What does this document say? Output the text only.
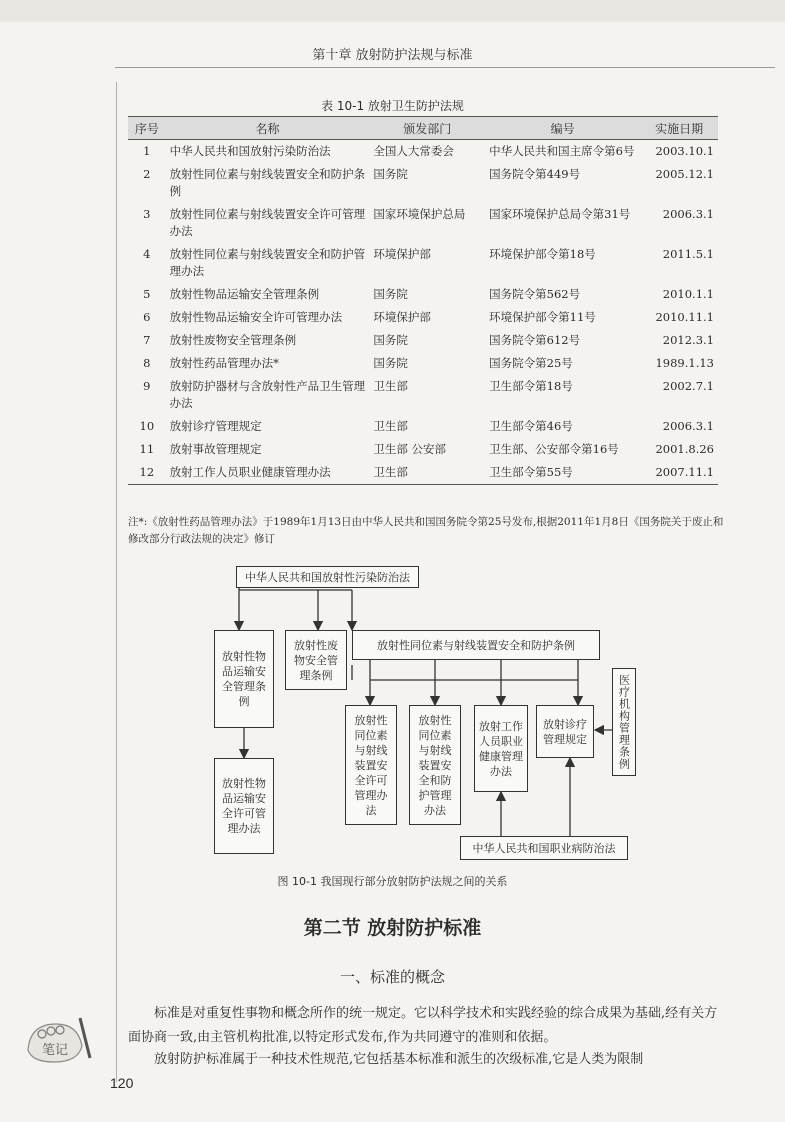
第十章 放射防护法规与标准
表 10-1 放射卫生防护法规
序号	名称	颁发部门	编号	实施日期
1	中华人民共和国放射污染防治法	全国人大常委会	中华人民共和国主席令第6号	2003.10.1
2	放射性同位素与射线装置安全和防护条例	国务院	国务院令第449号	2005.12.1
3	放射性同位素与射线装置安全许可管理办法	国家环境保护总局	国家环境保护总局令第31号	2006.3.1
4	放射性同位素与射线装置安全和防护管理办法	环境保护部	环境保护部令第18号	2011.5.1
5	放射性物品运输安全管理条例	国务院	国务院令第562号	2010.1.1
6	放射性物品运输安全许可管理办法	环境保护部	环境保护部令第11号	2010.11.1
7	放射性废物安全管理条例	国务院	国务院令第612号	2012.3.1
8	放射性药品管理办法*	国务院	国务院令第25号	1989.1.13
9	放射防护器材与含放射性产品卫生管理办法	卫生部	卫生部令第18号	2002.7.1
10	放射诊疗管理规定	卫生部	卫生部令第46号	2006.3.1
11	放射事故管理规定	卫生部 公安部	卫生部、公安部令第16号	2001.8.26
12	放射工作人员职业健康管理办法	卫生部	卫生部令第55号	2007.11.1
注*:《放射性药品管理办法》于1989年1月13日由中华人民共和国国务院令第25号发布,根据2011年1月8日《国务院关于废止和修改部分行政法规的决定》修订
中华人民共和国放射性污染防治法
放射性物品运输安全管理条例
放射性废物安全管理条例
放射性同位素与射线装置安全和防护条例
放射性物品运输安全许可管理办法
放射性同位素与射线装置安全许可管理办法
放射性同位素与射线装置安全和防护管理办法
放射工作人员职业健康管理办法
放射诊疗管理规定	医疗机构管理条例
中华人民共和国职业病防治法
图 10-1 我国现行部分放射防护法规之间的关系
第二节 放射防护标准
一、标准的概念
标准是对重复性事物和概念所作的统一规定。它以科学技术和实践经验的综合成果为基础,经有关方面协商一致,由主管机构批准,以特定形式发布,作为共同遵守的准则和依据。
放射防护标准属于一种技术性规范,它包括基本标准和派生的次级标准,它是人类为限制
笔记
120
